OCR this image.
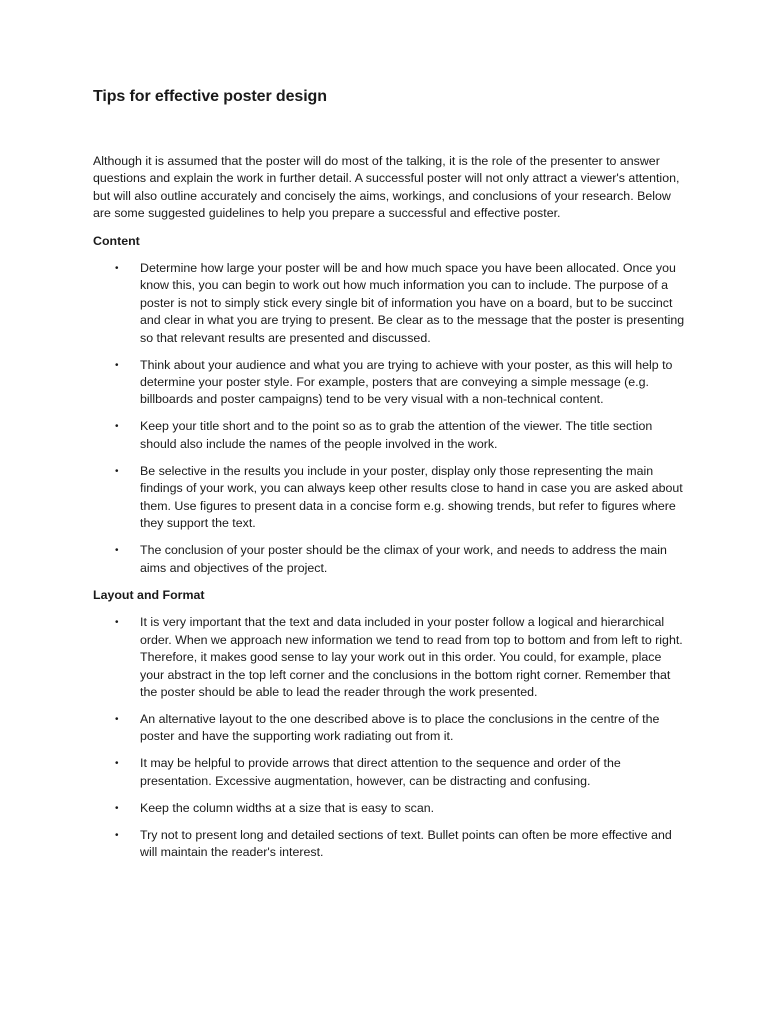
Tips for effective poster design

Although it is assumed that the poster will do most of the talking, it is the role of the presenter to answer questions and explain the work in further detail. A successful poster will not only attract a viewer's attention, but will also outline accurately and concisely the aims, workings, and conclusions of your research. Below are some suggested guidelines to help you prepare a successful and effective poster.

Content
• Determine how large your poster will be and how much space you have been allocated. Once you know this, you can begin to work out how much information you can to include. The purpose of a poster is not to simply stick every single bit of information you have on a board, but to be succinct and clear in what you are trying to present. Be clear as to the message that the poster is presenting so that relevant results are presented and discussed.
• Think about your audience and what you are trying to achieve with your poster, as this will help to determine your poster style. For example, posters that are conveying a simple message (e.g. billboards and poster campaigns) tend to be very visual with a non-technical content.
• Keep your title short and to the point so as to grab the attention of the viewer. The title section should also include the names of the people involved in the work.
• Be selective in the results you include in your poster, display only those representing the main findings of your work, you can always keep other results close to hand in case you are asked about them. Use figures to present data in a concise form e.g. showing trends, but refer to figures where they support the text.
• The conclusion of your poster should be the climax of your work, and needs to address the main aims and objectives of the project.
Layout and Format
• It is very important that the text and data included in your poster follow a logical and hierarchical order. When we approach new information we tend to read from top to bottom and from left to right. Therefore, it makes good sense to lay your work out in this order. You could, for example, place your abstract in the top left corner and the conclusions in the bottom right corner. Remember that the poster should be able to lead the reader through the work presented.
• An alternative layout to the one described above is to place the conclusions in the centre of the poster and have the supporting work radiating out from it.
• It may be helpful to provide arrows that direct attention to the sequence and order of the presentation. Excessive augmentation, however, can be distracting and confusing.
• Keep the column widths at a size that is easy to scan.
• Try not to present long and detailed sections of text. Bullet points can often be more effective and will maintain the reader's interest.
